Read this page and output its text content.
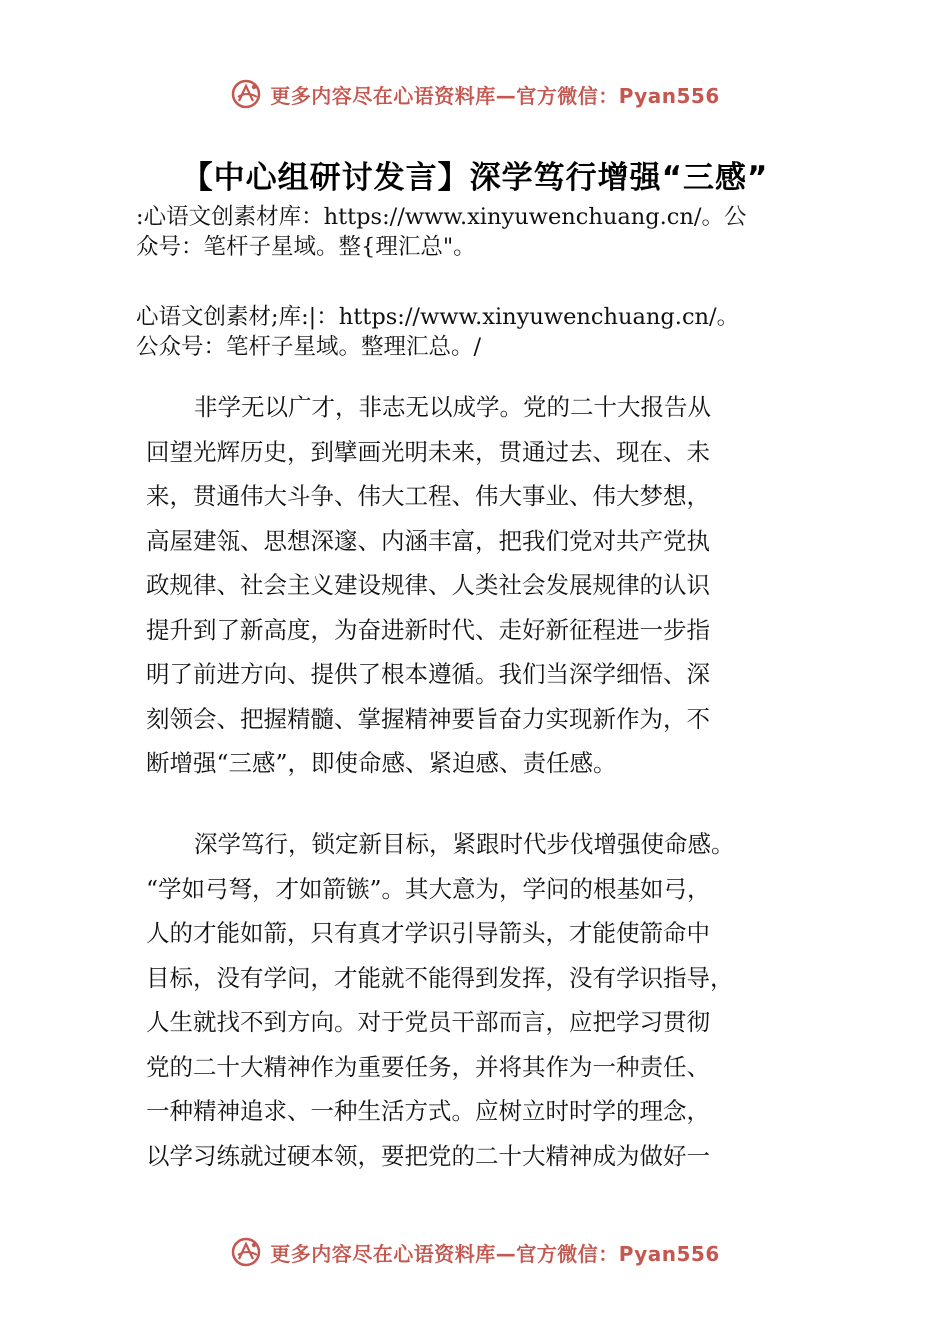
更多内容尽在心语资料库—官方微信：Pyan556
【中心组研讨发言】深学笃行增强“三感”
:心语文创素材库：https://www.xinyuwenchuang.cn/。公
众号：笔杆子星域。整{理汇总"。
心语文创素材;库:|：https://www.xinyuwenchuang.cn/。
公众号：笔杆子星域。整理汇总。/
非学无以广才，非志无以成学。党的二十大报告从
回望光辉历史，到擘画光明未来，贯通过去、现在、未
来，贯通伟大斗争、伟大工程、伟大事业、伟大梦想，
高屋建瓴、思想深邃、内涵丰富，把我们党对共产党执
政规律、社会主义建设规律、人类社会发展规律的认识
提升到了新高度，为奋进新时代、走好新征程进一步指
明了前进方向、提供了根本遵循。我们当深学细悟、深
刻领会、把握精髓、掌握精神要旨奋力实现新作为，不
断增强“三感”，即使命感、紧迫感、责任感。
深学笃行，锁定新目标，紧跟时代步伐增强使命感。
“学如弓弩，才如箭镞”。其大意为，学问的根基如弓，
人的才能如箭，只有真才学识引导箭头，才能使箭命中
目标，没有学问，才能就不能得到发挥，没有学识指导，
人生就找不到方向。对于党员干部而言，应把学习贯彻
党的二十大精神作为重要任务，并将其作为一种责任、
一种精神追求、一种生活方式。应树立时时学的理念，
以学习练就过硬本领，要把党的二十大精神成为做好一
更多内容尽在心语资料库—官方微信：Pyan556
